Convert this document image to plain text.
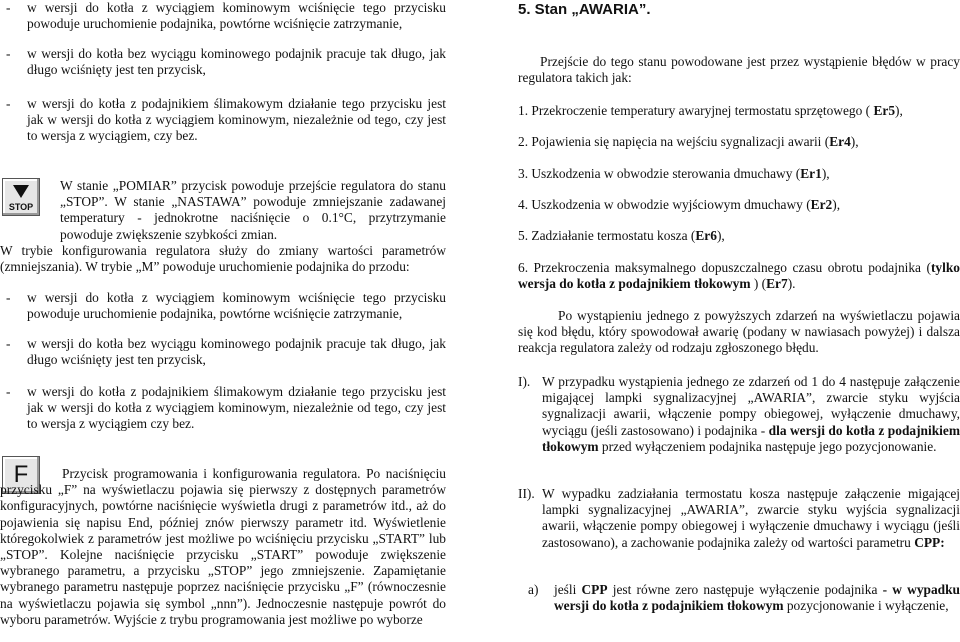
- w wersji do kotła z wyciągiem kominowym wciśnięcie tego przycisku powoduje uruchomienie podajnika, powtórne wciśnięcie zatrzymanie,
- w wersji do kotła bez wyciągu kominowego podajnik pracuje tak długo, jak długo wciśnięty jest ten przycisk,
- w wersji do kotła z podajnikiem ślimakowym działanie tego przycisku jest jak w wersji do kotła z wyciągiem kominowym, niezależnie od tego, czy jest to wersja z wyciągiem, czy bez.
STOP
W stanie „POMIAR” przycisk powoduje przejście regulatora do stanu „STOP”. W stanie „NASTAWA” powoduje zmniejszanie zadawanej temperatury - jednokrotne naciśnięcie o 0.1°C, przytrzymanie powoduje zwiększenie szybkości zmian.
W trybie konfigurowania regulatora służy do zmiany wartości parametrów (zmniejszania). W trybie „M” powoduje uruchomienie podajnika do przodu:
- w wersji do kotła z wyciągiem kominowym wciśnięcie tego przycisku powoduje uruchomienie podajnika, powtórne wciśnięcie zatrzymanie,
- w wersji do kotła bez wyciągu kominowego podajnik pracuje tak długo, jak długo wciśnięty jest ten przycisk,
- w wersji do kotła z podajnikiem ślimakowym działanie tego przycisku jest jak w wersji do kotła z wyciągiem kominowym, niezależnie od tego, czy jest to wersja z wyciągiem czy bez.
F	Przycisk programowania i konfigurowania regulatora. Po naciśnięciu przycisku „F” na wyświetlaczu pojawia się pierwszy z dostępnych parametrów konfiguracyjnych, powtórne naciśnięcie wyświetla drugi z parametrów itd., aż do pojawienia się napisu End, później znów pierwszy parametr itd. Wyświetlenie któregokolwiek z parametrów jest możliwe po wciśnięciu przycisku „START” lub „STOP”. Kolejne naciśnięcie przycisku „START” powoduje zwiększenie wybranego parametru, a przycisku „STOP” jego zmniejszenie. Zapamiętanie wybranego parametru następuje poprzez naciśnięcie przycisku „F” (równoczesnie na wyświetlaczu pojawia się symbol „nnn”). Jednoczesnie następuje powrót do wyboru parametrów. Wyjście z trybu programowania jest możliwe po wyborze
5. Stan „AWARIA”.
Przejście do tego stanu powodowane jest przez wystąpienie błędów w pracy regulatora takich jak:
1. Przekroczenie temperatury awaryjnej termostatu sprzętowego ( Er5),
2. Pojawienia się napięcia na wejściu sygnalizacji awarii (Er4),
3. Uszkodzenia w obwodzie sterowania dmuchawy (Er1),
4. Uszkodzenia w obwodzie wyjściowym dmuchawy (Er2),
5. Zadziałanie termostatu kosza (Er6),
6. Przekroczenia maksymalnego dopuszczalnego czasu obrotu podajnika (tylko wersja do kotła z podajnikiem tłokowym ) (Er7).
Po wystąpieniu jednego z powyższych zdarzeń na wyświetlaczu pojawia się kod błędu, który spowodował awarię (podany w nawiasach powyżej) i dalsza reakcja regulatora zależy od rodzaju zgłoszonego błędu.
I). W przypadku wystąpienia jednego ze zdarzeń od 1 do 4 następuje załączenie migającej lampki sygnalizacyjnej „AWARIA”, zwarcie styku wyjścia sygnalizacji awarii, włączenie pompy obiegowej, wyłączenie dmuchawy, wyciągu (jeśli zastosowano) i podajnika - dla wersji do kotła z podajnikiem tłokowym przed wyłączeniem podajnika następuje jego pozycjonowanie.
II). W wypadku zadziałania termostatu kosza następuje załączenie migającej lampki sygnalizacyjnej „AWARIA”, zwarcie styku wyjścia sygnalizacji awarii, włączenie pompy obiegowej i wyłączenie dmuchawy i wyciągu (jeśli zastosowano), a zachowanie podajnika zależy od wartości parametru CPP:
a) jeśli CPP jest równe zero następuje wyłączenie podajnika - w wypadku wersji do kotła z podajnikiem tłokowym pozycjonowanie i wyłączenie,
